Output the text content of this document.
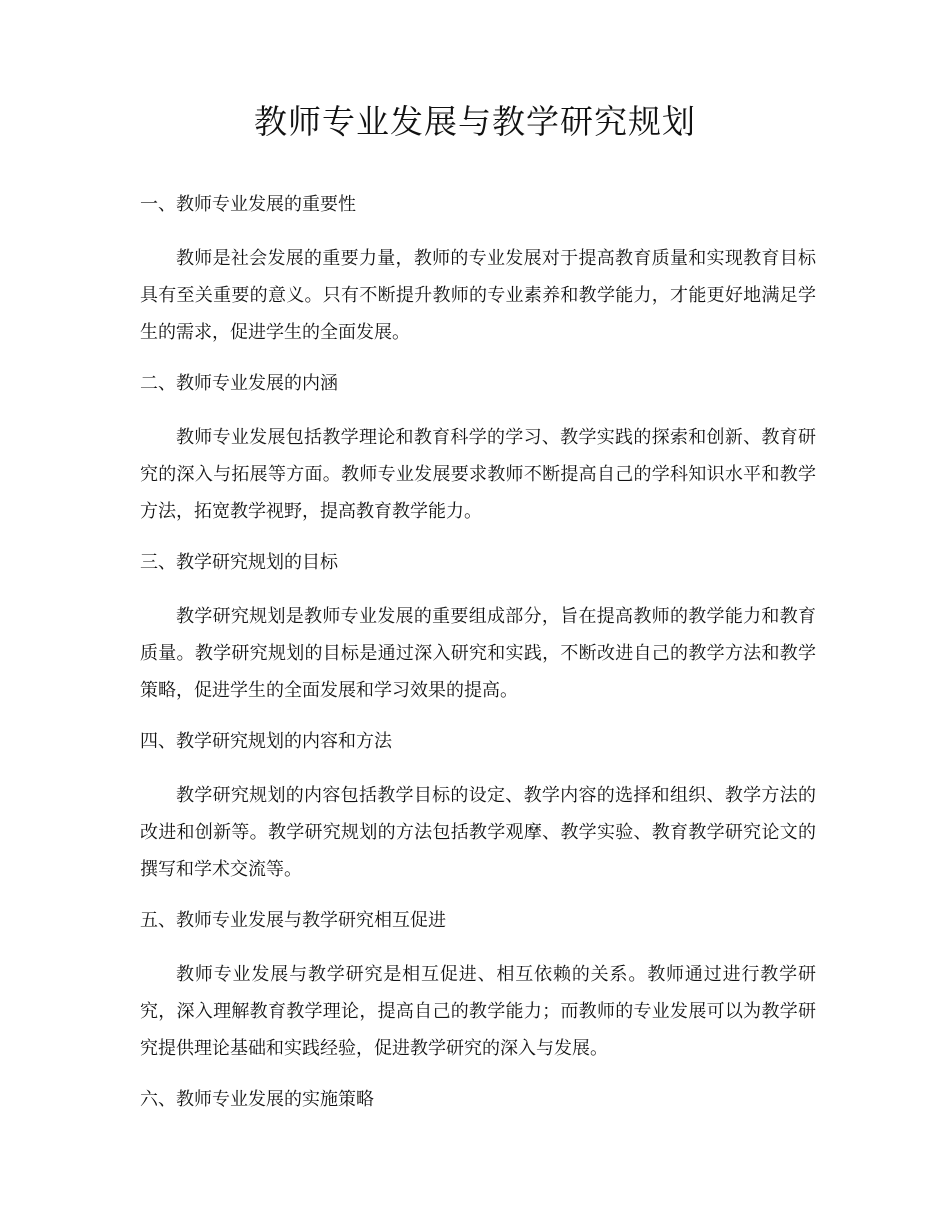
教师专业发展与教学研究规划
一、教师专业发展的重要性

教师是社会发展的重要力量，教师的专业发展对于提高教育质量和实现教育目标具有至关重要的意义。只有不断提升教师的专业素养和教学能力，才能更好地满足学生的需求，促进学生的全面发展。

二、教师专业发展的内涵

教师专业发展包括教学理论和教育科学的学习、教学实践的探索和创新、教育研究的深入与拓展等方面。教师专业发展要求教师不断提高自己的学科知识水平和教学方法，拓宽教学视野，提高教育教学能力。

三、教学研究规划的目标

教学研究规划是教师专业发展的重要组成部分，旨在提高教师的教学能力和教育质量。教学研究规划的目标是通过深入研究和实践，不断改进自己的教学方法和教学策略，促进学生的全面发展和学习效果的提高。

四、教学研究规划的内容和方法

教学研究规划的内容包括教学目标的设定、教学内容的选择和组织、教学方法的改进和创新等。教学研究规划的方法包括教学观摩、教学实验、教育教学研究论文的撰写和学术交流等。

五、教师专业发展与教学研究相互促进

教师专业发展与教学研究是相互促进、相互依赖的关系。教师通过进行教学研究，深入理解教育教学理论，提高自己的教学能力；而教师的专业发展可以为教学研究提供理论基础和实践经验，促进教学研究的深入与发展。

六、教师专业发展的实施策略
